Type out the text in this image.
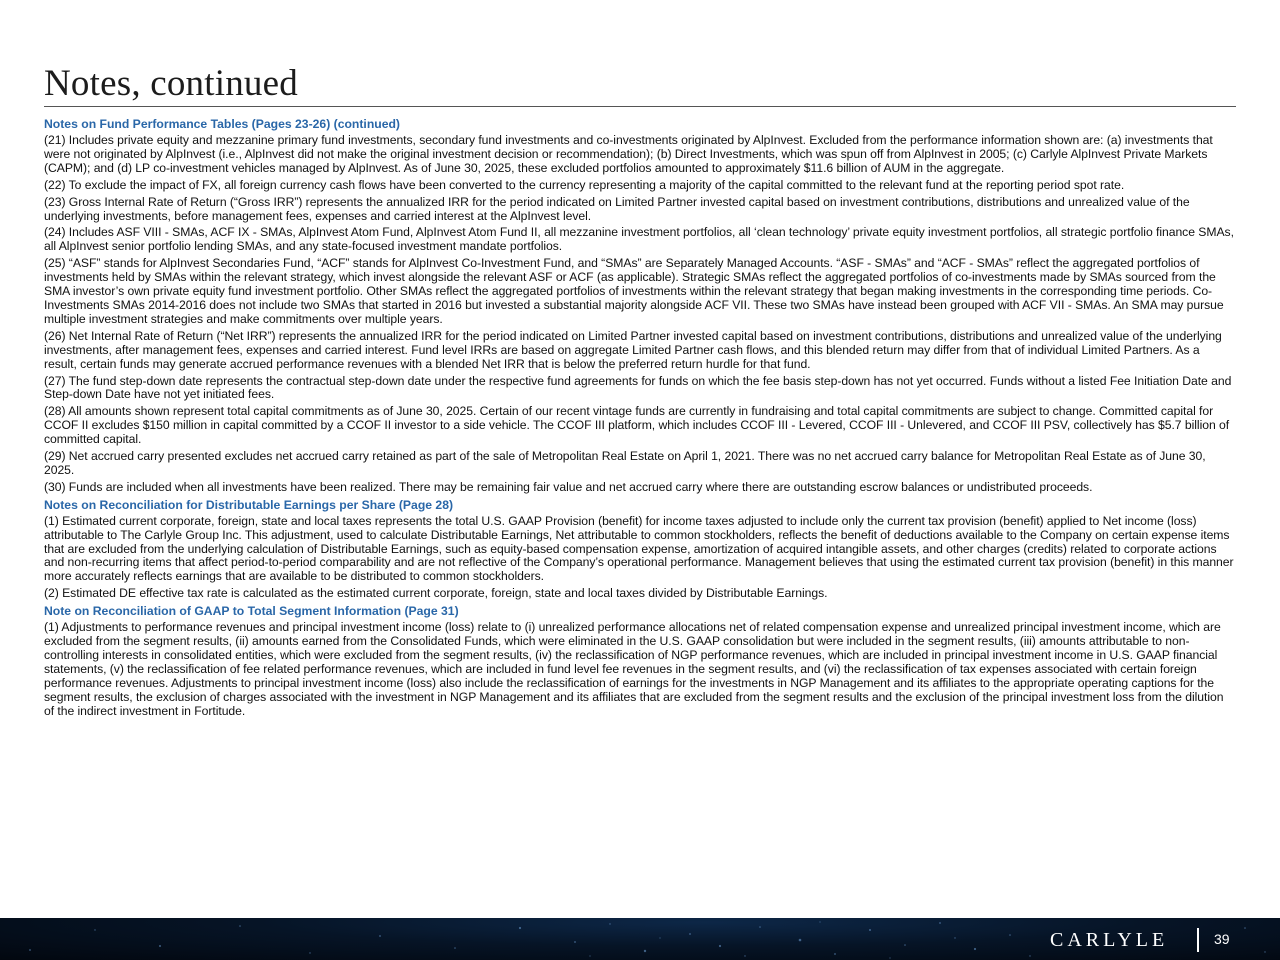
Notes, continued
Notes on Fund Performance Tables (Pages 23-26) (continued)

(21) Includes private equity and mezzanine primary fund investments, secondary fund investments and co-investments originated by AlpInvest. Excluded from the performance information shown are: (a) investments that were not originated by AlpInvest (i.e., AlpInvest did not make the original investment decision or recommendation); (b) Direct Investments, which was spun off from AlpInvest in 2005; (c) Carlyle AlpInvest Private Markets (CAPM); and (d) LP co-investment vehicles managed by AlpInvest. As of June 30, 2025, these excluded portfolios amounted to approximately $11.6 billion of AUM in the aggregate.

(22) To exclude the impact of FX, all foreign currency cash flows have been converted to the currency representing a majority of the capital committed to the relevant fund at the reporting period spot rate.

(23) Gross Internal Rate of Return (“Gross IRR”) represents the annualized IRR for the period indicated on Limited Partner invested capital based on investment contributions, distributions and unrealized value of the underlying investments, before management fees, expenses and carried interest at the AlpInvest level.

(24) Includes ASF VIII - SMAs, ACF IX - SMAs, AlpInvest Atom Fund, AlpInvest Atom Fund II, all mezzanine investment portfolios, all ‘clean technology’ private equity investment portfolios, all strategic portfolio finance SMAs, all AlpInvest senior portfolio lending SMAs, and any state-focused investment mandate portfolios.

(25) “ASF” stands for AlpInvest Secondaries Fund, “ACF” stands for AlpInvest Co-Investment Fund, and “SMAs” are Separately Managed Accounts. “ASF - SMAs” and “ACF - SMAs” reflect the aggregated portfolios of investments held by SMAs within the relevant strategy, which invest alongside the relevant ASF or ACF (as applicable). Strategic SMAs reflect the aggregated portfolios of co-investments made by SMAs sourced from the SMA investor’s own private equity fund investment portfolio. Other SMAs reflect the aggregated portfolios of investments within the relevant strategy that began making investments in the corresponding time periods. Co-Investments SMAs 2014-2016 does not include two SMAs that started in 2016 but invested a substantial majority alongside ACF VII. These two SMAs have instead been grouped with ACF VII - SMAs. An SMA may pursue multiple investment strategies and make commitments over multiple years.

(26) Net Internal Rate of Return (“Net IRR”) represents the annualized IRR for the period indicated on Limited Partner invested capital based on investment contributions, distributions and unrealized value of the underlying investments, after management fees, expenses and carried interest. Fund level IRRs are based on aggregate Limited Partner cash flows, and this blended return may differ from that of individual Limited Partners. As a result, certain funds may generate accrued performance revenues with a blended Net IRR that is below the preferred return hurdle for that fund.

(27) The fund step-down date represents the contractual step-down date under the respective fund agreements for funds on which the fee basis step-down has not yet occurred. Funds without a listed Fee Initiation Date and Step-down Date have not yet initiated fees.

(28) All amounts shown represent total capital commitments as of June 30, 2025. Certain of our recent vintage funds are currently in fundraising and total capital commitments are subject to change. Committed capital for CCOF II excludes $150 million in capital committed by a CCOF II investor to a side vehicle. The CCOF III platform, which includes CCOF III - Levered, CCOF III - Unlevered, and CCOF III PSV, collectively has $5.7 billion of committed capital.

(29) Net accrued carry presented excludes net accrued carry retained as part of the sale of Metropolitan Real Estate on April 1, 2021. There was no net accrued carry balance for Metropolitan Real Estate as of June 30, 2025.

(30) Funds are included when all investments have been realized. There may be remaining fair value and net accrued carry where there are outstanding escrow balances or undistributed proceeds.

Notes on Reconciliation for Distributable Earnings per Share (Page 28)

(1) Estimated current corporate, foreign, state and local taxes represents the total U.S. GAAP Provision (benefit) for income taxes adjusted to include only the current tax provision (benefit) applied to Net income (loss) attributable to The Carlyle Group Inc. This adjustment, used to calculate Distributable Earnings, Net attributable to common stockholders, reflects the benefit of deductions available to the Company on certain expense items that are excluded from the underlying calculation of Distributable Earnings, such as equity-based compensation expense, amortization of acquired intangible assets, and other charges (credits) related to corporate actions and non-recurring items that affect period-to-period comparability and are not reflective of the Company’s operational performance. Management believes that using the estimated current tax provision (benefit) in this manner more accurately reflects earnings that are available to be distributed to common stockholders.

(2) Estimated DE effective tax rate is calculated as the estimated current corporate, foreign, state and local taxes divided by Distributable Earnings.

Note on Reconciliation of GAAP to Total Segment Information (Page 31)

(1) Adjustments to performance revenues and principal investment income (loss) relate to (i) unrealized performance allocations net of related compensation expense and unrealized principal investment income, which are excluded from the segment results, (ii) amounts earned from the Consolidated Funds, which were eliminated in the U.S. GAAP consolidation but were included in the segment results, (iii) amounts attributable to non-controlling interests in consolidated entities, which were excluded from the segment results, (iv) the reclassification of NGP performance revenues, which are included in principal investment income in U.S. GAAP financial statements, (v) the reclassification of fee related performance revenues, which are included in fund level fee revenues in the segment results, and (vi) the reclassification of tax expenses associated with certain foreign performance revenues. Adjustments to principal investment income (loss) also include the reclassification of earnings for the investments in NGP Management and its affiliates to the appropriate operating captions for the segment results, the exclusion of charges associated with the investment in NGP Management and its affiliates that are excluded from the segment results and the exclusion of the principal investment loss from the dilution of the indirect investment in Fortitude.

CARLYLE	39
